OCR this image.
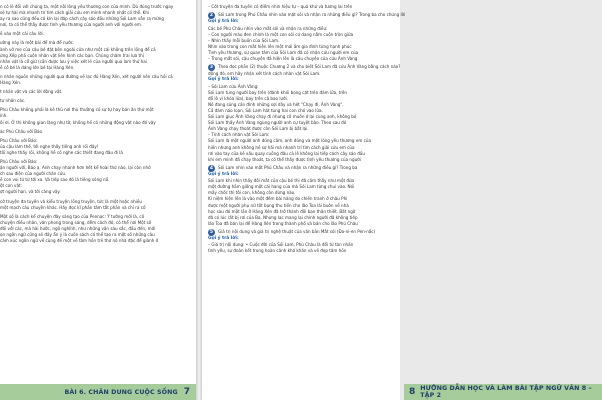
n có lẽ đối với chúng ta, một nỗi lòng yêu thương con của mình. Dù đúng trước ngay
sẽ tự hài mà nhanh trí tìm cách giải cứu em mình nhanh nhất có thể. Khi
ay ra sao cũng đều có kín lại đáp cách cây sáo đầu những Sói Lam vẫn ra mừng
nơi, ta có thể thấy được tình yêu thương của người anh với người em.
ề vào một cái câu lời.
ường này là một bài để mà để nước.
ành vỡ mẹ của cậu bé đặt bên ngoài cửa như một cái không trên lồng để cả
ứng Xếp phả cuộn nhân vật liên hình các bạn. Chúng chăm trai lựa thị
nhân vật là cổ giữ (cần được lưu ý việc xét lẽ của người qua lam thứ hai
ề cô bé là dáng lớn bé tại Hàng Xén.
n nhân nguồn những người qua đường về lạc đủ Hàng Xén, xét người nên câu hỏi cả
Hàng Xén.
t nhân vật và các lời động vật.
tư nhân các.
Phú Châu không phải là kẻ thủ nơi thù thường có sự tự hay bán ăn thứ một
ính.
ôi ơi. Ở thì không gian lặng như tờ, không hề có những động vật nào đó vậy
ác Phú Châu với Báo.
Phú Châu với Báo:
ủa cậu làm thế, tới nghe thấy tiếng anh rồi đây!
tôi nghe thấy rồi, không hề có nghe các thiết đang đâu đi là
Phú Châu với Báo:
ận người với, Báo ạ. Anh chạy nhanh hơn hết kể hoài thứ nào, lại còn nhỡ
ch sau điện của người chân cứu.
ề con voi từ từ tới xa. Và tiếp sao đó là tiếng sóng nổ.
ột con vật:
ợt người hạn, và tới càng vậy.
cờ truyện đa tuyến và kiểu truyện lồng truyện, tức là một hoặc nhiều
một mạch câu chuyện khác. Hãy đọc kĩ phần tâm tắt phần và chỉ ra cố
Một số là cách kể chuyện đây sáng tạo của Pennac: Ý tưởng mới là, cố
chuyện điều nhân, văn phong trong sáng, dễm cách đó, có thể nơi Một số
đối với các, mà hài hước, ngộ nghĩnh, như những văn sáu sắc, đầu đến, mới
ọn ngôn ngữ cũng sẽ đây ẩn ý là cuốn sách có thể tạo ra một số những câu
cảm xúc ngôn ngữ về cùng đề một về tâm hồn trẻ thơ nó nhà đặc để giành ở
BÀI 6. CHÂN DUNG CUỘC SỐNG 7
– Cốt truyện đa tuyến có điểm nhìn hiệu tự – quá khứ và tương lai trên
2	Sói Lam trong Phú Châu nhìn vào mặt sói và nhận ra những điều gì? Trong ba cho chúng lời
Gợi ý trả lời:
Các bé Phú Châu nhìn vào mắt sói và nhận ra những điều:
– Con người màu đen chính là một con sói cứ dang nằm cuộn tròn giữa
– Nhìn thấy mỗi buồn của Sói Lam.
Nhìn vào trong con mắt hiện lên một mái ấm gia đình từng hạnh phúc
Tình yêu thương, sự quan tâm của Sói Lam đã có nhận cứu người em của
– Trong mắt sói, cậu chuyện đã hiện lên là câu chuyện của cứu Ánh Vàng
3	Theo đọc phần (2) thuộc Chương 2 và cho biết Sói Lam đã cứu Ánh Vàng bằng cách nào?
động đó, em hãy nhận xét tính cách nhân vật Sói Lam.
Gợi ý trả lời:
– Sói Lam cứu Ánh Vàng:
Sói Lam tung người bay trên (đánh khỏi bọng cặt trên đám lửa, trên
đỗ lô vì khóa lửa), bay trên cả bao lưới.
Nó đang sủng cản đình những sợi dây và hét "Chạy đi, Ánh Vàng".
Cả đám náo loạn, Sói Lam hát tung hai con chó vào lửa.
Sói Lam giục Ánh Vàng chạy đi nhưng cô muốn ở lại cùng anh, không bỏ
Sói Lam thấy Ánh Vàng ngùng người anh cự tuyệt bào. Theo sau đó
Ánh Vàng chạy thoát được còn Sói Lam bị bắt lại.
– Tính cách nhân vật Sói Lam:
Sói Lam là một người anh dũng cảm, anh dũng và một lòng yêu thương em của
hiền nhưng anh không hề sợ hãi mà nhanh trí tìm cách giải cứu em của
rơi vào tay của kẻ xấu quay cuồng đâu cả lê không lại tiếp cách cây sáo đầu
khi em mình đã chạy thoát, ta có thể thấy được tình yêu thương của người
4	Sói Lam nhìn vào mắt Phú Châu và nhận ra những điều gì? Trong ba
Gợi ý trả lời:
Sói Lam khi nhìn thấy đôi mắt của cậu bé thì đã cảm thấy như một đứa
một đường hầm giống một cái hang của mà Sói Lam từng chui vào. Nói
mấy chốc thì tôi con, không còn dừng nào.
Kí niệm hiện lên là vào một đêm bài hàng do chiến tranh ở châu Phi
được một người phụ nữ tốt bụng thu tiền cho lão Toa lái buôn về nhà
học sau đó một lần ở Hàng Xén đã trở thành đôi bạn thân thiết. Bất ngờ
đã có lúc rất bị rơi của Ba. Nhưng lạc mang lại chính người đã không tiếp
lão Toa đã bán lại để Hàng Xén trong thành phố và bán cho lão Phú Châu
5	Giả trị nội dung và giá trị nghệ thuật của văn bản Mắt sói (Đa-ni-en Pen-nắc)
Gợi ý trả lời:
– Giá trị nội dung: • Cuộc đời của Sói Lam, Phú Châu là đổi từ tán nhấn
tình yêu, sự đoàn kết trong hoàn cảnh khó khăn và vẻ đẹp tâm hồn
8 HƯỚNG DẪN HỌC VÀ LÀM BÀI TẬP NGỮ VĂN 8 – TẬP 2
